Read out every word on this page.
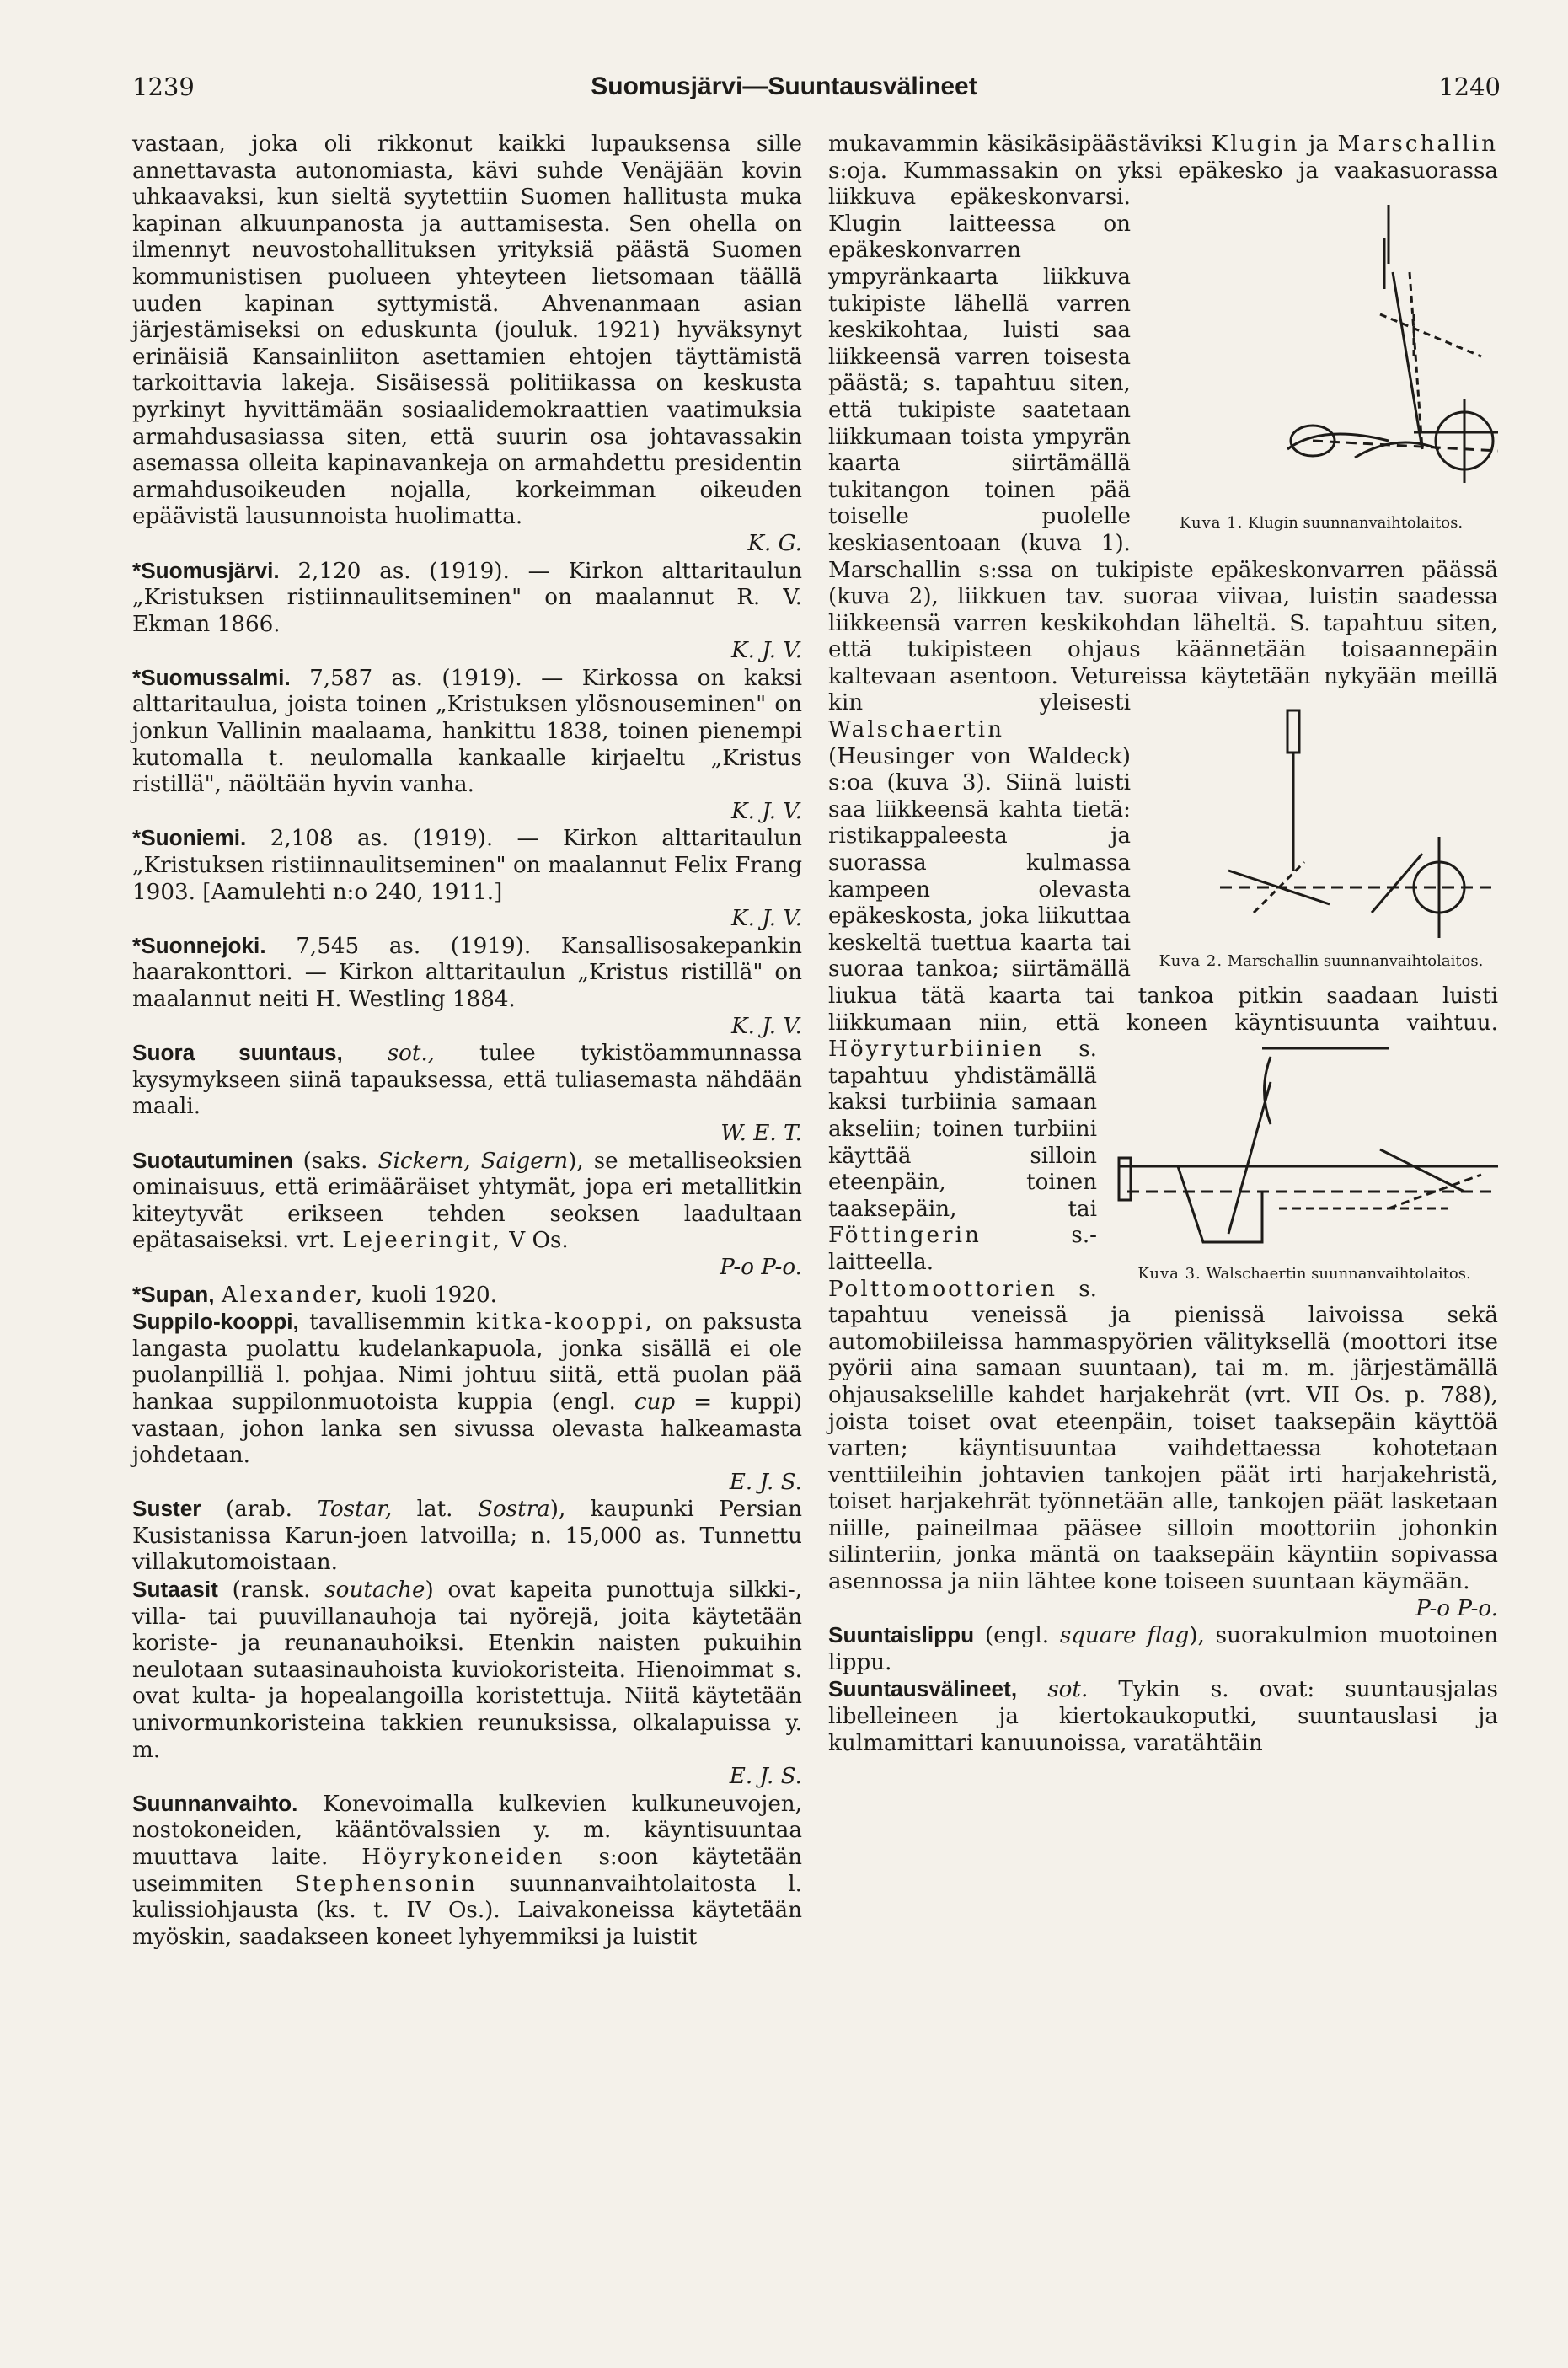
1239	Suomusjärvi—Suuntausvälineet	1240

vastaan, joka oli rikkonut kaikki lupauksensa sille annettavasta autonomiasta, kävi suhde Venäjään kovin uhkaavaksi, kun sieltä syytettiin Suomen hallitusta muka kapinan alkuunpanosta ja auttamisesta. Sen ohella on ilmennyt neuvostohallituksen yrityksiä päästä Suomen kommunistisen puolueen yhteyteen lietsomaan täällä uuden kapinan syttymistä. Ahvenanmaan asian järjestämiseksi on eduskunta (jouluk. 1921) hyväksynyt erinäisiä Kansainliiton asettamien ehtojen täyttämistä tarkoittavia lakeja. Sisäisessä politiikassa on keskusta pyrkinyt hyvittämään sosiaalidemokraattien vaatimuksia armahdusasiassa siten, että suurin osa johtavassakin asemassa olleita kapinavankeja on armahdettu presidentin armahdusoikeuden nojalla, korkeimman oikeuden epäävistä lausunnoista huolimatta.
K. G.

*Suomusjärvi. 2,120 as. (1919). — Kirkon alttaritaulun „Kristuksen ristiinnaulitseminen" on maalannut R. V. Ekman 1866.
K. J. V.

*Suomussalmi. 7,587 as. (1919). — Kirkossa on kaksi alttaritaulua, joista toinen „Kristuksen ylösnouseminen" on jonkun Vallinin maalaama, hankittu 1838, toinen pienempi kutomalla t. neulomalla kankaalle kirjaeltu „Kristus ristillä", näöltään hyvin vanha.
K. J. V.

*Suoniemi. 2,108 as. (1919). — Kirkon alttaritaulun „Kristuksen ristiinnaulitseminen" on maalannut Felix Frang 1903. [Aamulehti n:o 240, 1911.]
K. J. V.

*Suonnejoki. 7,545 as. (1919). Kansallisosakepankin haarakonttori. — Kirkon alttaritaulun „Kristus ristillä" on maalannut neiti H. Westling 1884.
K. J. V.

Suora suuntaus, sot., tulee tykistöammunnassa kysymykseen siinä tapauksessa, että tuliasemasta nähdään maali.
W. E. T.

Suotautuminen (saks. Sickern, Saigern), se metalliseoksien ominaisuus, että erimääräiset yhtymät, jopa eri metallitkin kiteytyvät erikseen tehden seoksen laadultaan epätasaiseksi. vrt. Lejeeringit, V Os.
P-o P-o.

*Supan, Alexander, kuoli 1920.

Suppilo-kooppi, tavallisemmin kitka-kooppi, on paksusta langasta puolattu kudelankapuola, jonka sisällä ei ole puolanpilliä l. pohjaa. Nimi johtuu siitä, että puolan pää hankaa suppilonmuotoista kuppia (engl. cup = kuppi) vastaan, johon lanka sen sivussa olevasta halkeamasta johdetaan.
E. J. S.

Suster (arab. Tostar, lat. Sostra), kaupunki Persian Kusistanissa Karun-joen latvoilla; n. 15,000 as. Tunnettu villakutomoistaan.

Sutaasit (ransk. soutache) ovat kapeita punottuja silkki-, villa- tai puuvillanauhoja tai nyörejä, joita käytetään koriste- ja reunanauhoiksi. Etenkin naisten pukuihin neulotaan sutaasinauhoista kuviokoristeita. Hienoimmat s. ovat kulta- ja hopealangoilla koristettuja. Niitä käytetään univormunkoristeina takkien reunuksissa, olkalapuissa y. m.
E. J. S.

Suunnanvaihto. Konevoimalla kulkevien kulkuneuvojen, nostokoneiden, kääntövalssien y. m. käyntisuuntaa muuttava laite. Höyrykoneiden s:oon käytetään useimmiten Stephensonin suunnanvaihtolaitosta l. kulissiohjausta (ks. t. IV Os.). Laivakoneissa käytetään myöskin, saadakseen koneet lyhyemmiksi ja luistit

mukavammin käsikäsipäästäviksi Klugin ja Marschallin s:oja. Kummassakin on yksi
Kuva 1. Klugin suunnanvaihtolaitos.
epäkesko ja vaakasuorassa liikkuva epäkeskonvarsi. Klugin laitteessa on epäkeskonvarren ympyränkaarta liikkuva tukipiste lähellä varren keskikohtaa, luisti saa liikkeensä varren toisesta päästä; s. tapahtuu siten, että tukipiste saatetaan liikkumaan toista ympyrän kaarta siirtämällä tukitangon toinen pää toiselle puolelle keskiasentoaan (kuva 1). Marschallin s:ssa on tukipiste epäkeskonvarren päässä (kuva 2), liikkuen tav. suoraa viivaa, luistin saadessa liikkeensä varren keskikohdan läheltä. S. tapahtuu siten, että tukipisteen ohjaus käännetään toisaannepäin kaltevaan asentoon. Vetureissa käytetään nykyään meillä kin yleisesti
Kuva 2. Marschallin suunnanvaihtolaitos.
Walschaertin (Heusinger von Waldeck) s:oa (kuva 3). Siinä luisti saa liikkeensä kahta tietä: ristikappaleesta ja suorassa kulmassa kampeen olevasta epäkeskosta, joka liikuttaa keskeltä tuettua kaarta tai suoraa tankoa; siirtämällä liukua tätä kaarta tai tankoa pitkin saadaan luisti liikkumaan niin, että koneen käyntisuunta vaihtuu.
Kuva 3. Walschaertin suunnanvaihtolaitos.
Höyryturbiinien s. tapahtuu yhdistämällä kaksi turbiinia samaan akseliin; toinen turbiini käyttää silloin eteenpäin, toinen taaksepäin, tai Föttingerin	s.-laitteella. Polttomoottorien s. tapahtuu veneissä ja pienissä laivoissa sekä automobiileissa hammaspyörien välityksellä (moottori itse pyörii aina samaan suuntaan), tai m. m. järjestämällä ohjausakselille kahdet harjakehrät (vrt. VII Os. p. 788), joista toiset ovat eteenpäin, toiset taaksepäin käyttöä varten; käyntisuuntaa vaihdettaessa kohotetaan venttiileihin johtavien tankojen päät irti harjakehristä, toiset harjakehrät työnnetään alle, tankojen päät lasketaan niille, paineilmaa pääsee silloin moottoriin johonkin silinteriin, jonka mäntä on taaksepäin käyntiin sopivassa asennossa ja niin lähtee kone toiseen suuntaan käymään.
P-o P-o.

Suuntaislippu (engl. square flag), suorakulmion muotoinen lippu.

Suuntausvälineet, sot. Tykin s. ovat: suuntausjalas libelleineen ja kiertokaukoputki, suuntauslasi ja kulmamittari kanuunoissa, varatähtäin
